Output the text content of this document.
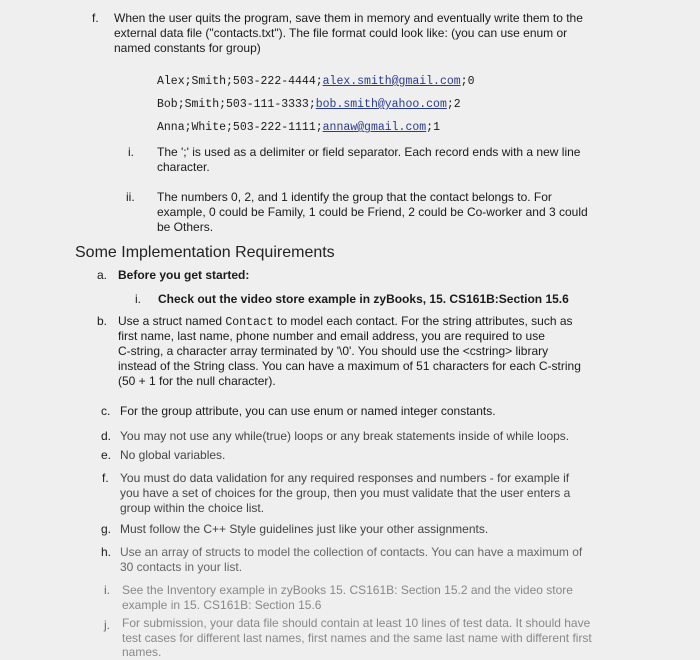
f. When the user quits the program, save them in memory and eventually write them to the
external data file ("contacts.txt"). The file format could look like: (you can use enum or
named constants for group)
Alex;Smith;503-222-4444;alex.smith@gmail.com;0
Bob;Smith;503-111-3333;bob.smith@yahoo.com;2
Anna;White;503-222-1111;annaw@gmail.com;1
i. The ';' is used as a delimiter or field separator. Each record ends with a new line
character.
ii. The numbers 0, 2, and 1 identify the group that the contact belongs to. For
example, 0 could be Family, 1 could be Friend, 2 could be Co-worker and 3 could
be Others.
Some Implementation Requirements
a. Before you get started:
i. Check out the video store example in zyBooks, 15. CS161B:Section 15.6
b. Use a struct named Contact to model each contact. For the string attributes, such as
first name, last name, phone number and email address, you are required to use
C-string, a character array terminated by '\0'. You should use the <cstring> library
instead of the String class. You can have a maximum of 51 characters for each C-string
(50 + 1 for the null character).
c. For the group attribute, you can use enum or named integer constants.
d. You may not use any while(true) loops or any break statements inside of while loops.
e. No global variables.
f. You must do data validation for any required responses and numbers - for example if
you have a set of choices for the group, then you must validate that the user enters a
group within the choice list.
g. Must follow the C++ Style guidelines just like your other assignments.
h. Use an array of structs to model the collection of contacts. You can have a maximum of
30 contacts in your list.
i. See the Inventory example in zyBooks 15. CS161B: Section 15.2 and the video store
example in 15. CS161B: Section 15.6
j. For submission, your data file should contain at least 10 lines of test data. It should have
test cases for different last names, first names and the same last name with different first
names.
